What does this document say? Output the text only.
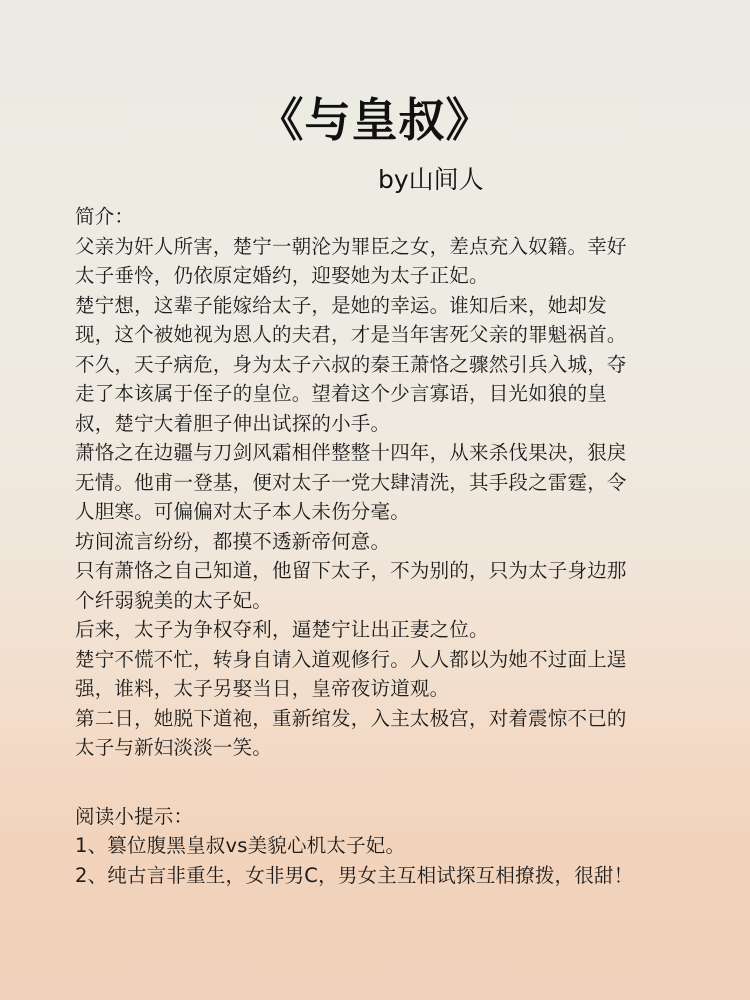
《与皇叔》
by山间人
简介：
父亲为奸人所害，楚宁一朝沦为罪臣之女，差点充入奴籍。幸好
太子垂怜，仍依原定婚约，迎娶她为太子正妃。
楚宁想，这辈子能嫁给太子，是她的幸运。谁知后来，她却发
现，这个被她视为恩人的夫君，才是当年害死父亲的罪魁祸首。
不久，天子病危，身为太子六叔的秦王萧恪之骤然引兵入城，夺
走了本该属于侄子的皇位。望着这个少言寡语，目光如狼的皇
叔，楚宁大着胆子伸出试探的小手。
萧恪之在边疆与刀剑风霜相伴整整十四年，从来杀伐果决，狠戾
无情。他甫一登基，便对太子一党大肆清洗，其手段之雷霆，令
人胆寒。可偏偏对太子本人未伤分毫。
坊间流言纷纷，都摸不透新帝何意。
只有萧恪之自己知道，他留下太子，不为别的，只为太子身边那
个纤弱貌美的太子妃。
后来，太子为争权夺利，逼楚宁让出正妻之位。
楚宁不慌不忙，转身自请入道观修行。人人都以为她不过面上逞
强，谁料，太子另娶当日，皇帝夜访道观。
第二日，她脱下道袍，重新绾发，入主太极宫，对着震惊不已的
太子与新妇淡淡一笑。
阅读小提示：
1、篡位腹黑皇叔vs美貌心机太子妃。
2、纯古言非重生，女非男C，男女主互相试探互相撩拨，很甜！
